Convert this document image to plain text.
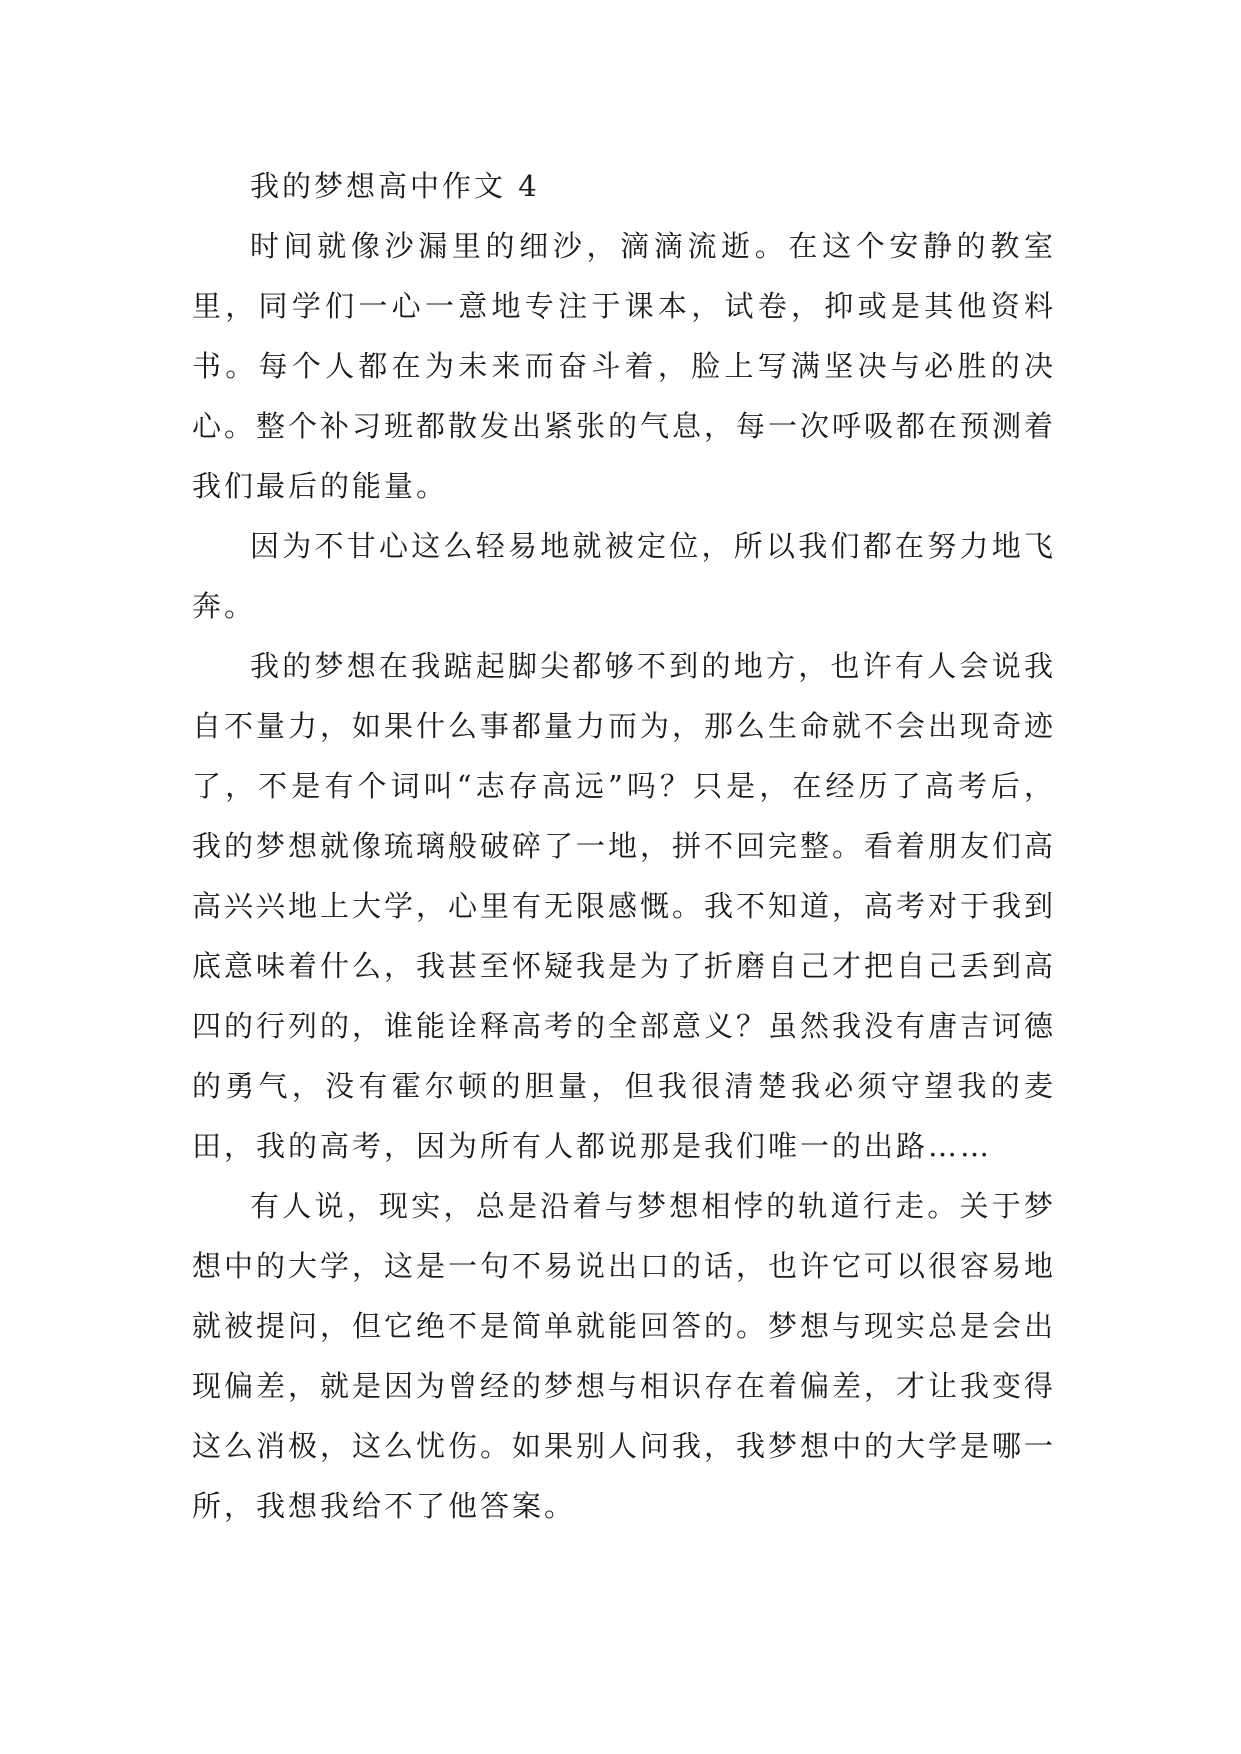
我的梦想高中作文 4

时间就像沙漏里的细沙，滴滴流逝。在这个安静的教室里，同学们一心一意地专注于课本，试卷，抑或是其他资料书。每个人都在为未来而奋斗着，脸上写满坚决与必胜的决心。整个补习班都散发出紧张的气息，每一次呼吸都在预测着我们最后的能量。

因为不甘心这么轻易地就被定位，所以我们都在努力地飞奔。

我的梦想在我踮起脚尖都够不到的地方，也许有人会说我自不量力，如果什么事都量力而为，那么生命就不会出现奇迹了，不是有个词叫“志存高远”吗？只是，在经历了高考后，我的梦想就像琉璃般破碎了一地，拼不回完整。看着朋友们高高兴兴地上大学，心里有无限感慨。我不知道，高考对于我到底意味着什么，我甚至怀疑我是为了折磨自己才把自己丢到高四的行列的，谁能诠释高考的全部意义？虽然我没有唐吉诃德的勇气，没有霍尔顿的胆量，但我很清楚我必须守望我的麦田，我的高考，因为所有人都说那是我们唯一的出路……

有人说，现实，总是沿着与梦想相悖的轨道行走。关于梦想中的大学，这是一句不易说出口的话，也许它可以很容易地就被提问，但它绝不是简单就能回答的。梦想与现实总是会出现偏差，就是因为曾经的梦想与相识存在着偏差，才让我变得这么消极，这么忧伤。如果别人问我，我梦想中的大学是哪一所，我想我给不了他答案。
